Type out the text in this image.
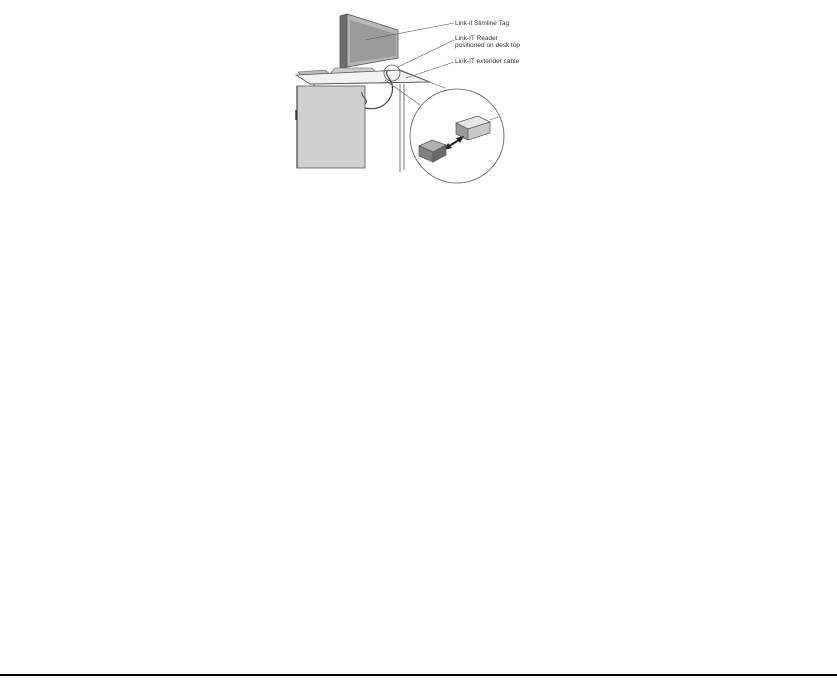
Link-it Slimline Tag
Link-IT Reader positioned on desk top
Link-IT extender cable
